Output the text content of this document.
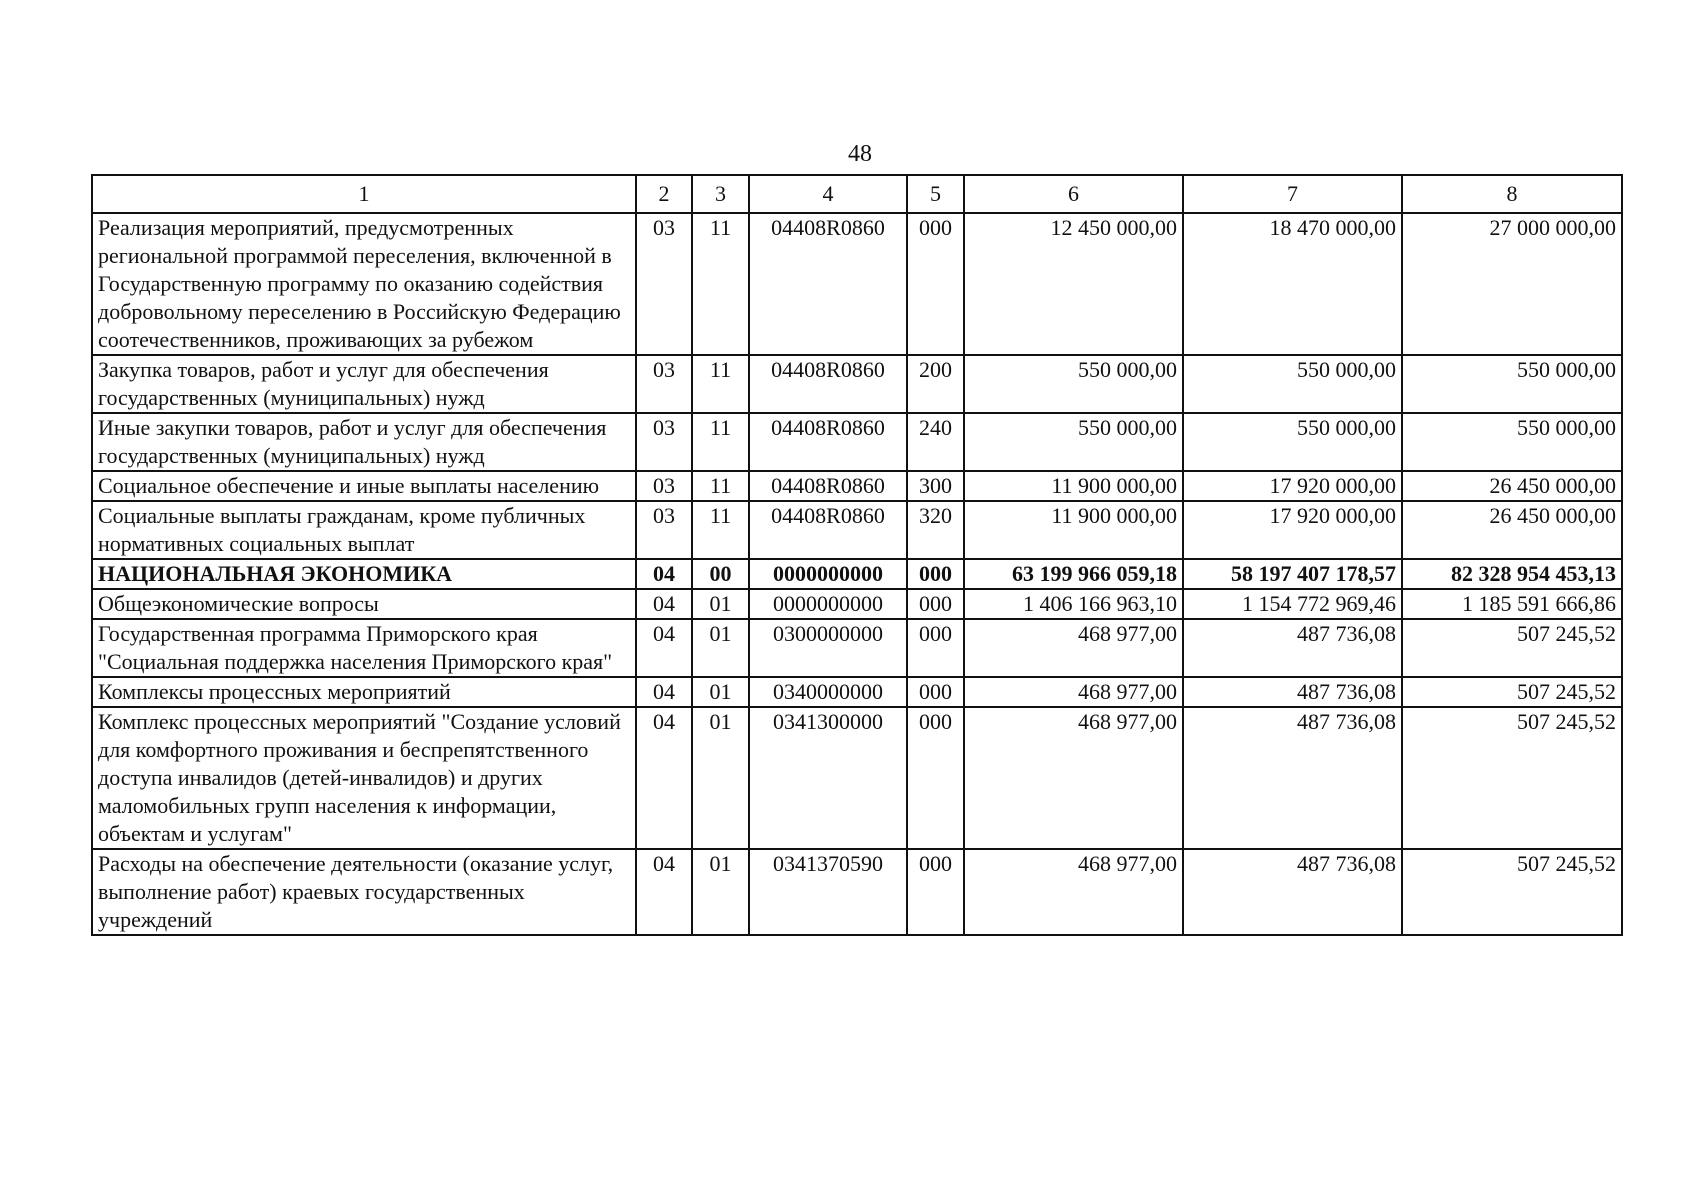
48
1	2	3	4	5	6	7	8
Реализация мероприятий, предусмотренных региональной программой переселения, включенной в Государственную программу по оказанию содействия добровольному переселению в Российскую Федерацию соотечественников, проживающих за рубежом	03	11	04408R0860	000	12 450 000,00	18 470 000,00	27 000 000,00
Закупка товаров, работ и услуг для обеспечения государственных (муниципальных) нужд	03	11	04408R0860	200	550 000,00	550 000,00	550 000,00
Иные закупки товаров, работ и услуг для обеспечения государственных (муниципальных) нужд	03	11	04408R0860	240	550 000,00	550 000,00	550 000,00
Социальное обеспечение и иные выплаты населению	03	11	04408R0860	300	11 900 000,00	17 920 000,00	26 450 000,00
Социальные выплаты гражданам, кроме публичных нормативных социальных выплат	03	11	04408R0860	320	11 900 000,00	17 920 000,00	26 450 000,00
НАЦИОНАЛЬНАЯ ЭКОНОМИКА	04	00	0000000000	000	63 199 966 059,18	58 197 407 178,57	82 328 954 453,13
Общеэкономические вопросы	04	01	0000000000	000	1 406 166 963,10	1 154 772 969,46	1 185 591 666,86
Государственная программа Приморского края "Социальная поддержка населения Приморского края"	04	01	0300000000	000	468 977,00	487 736,08	507 245,52
Комплексы процессных мероприятий	04	01	0340000000	000	468 977,00	487 736,08	507 245,52
Комплекс процессных мероприятий "Создание условий для комфортного проживания и беспрепятственного доступа инвалидов (детей-инвалидов) и других маломобильных групп населения к информации, объектам и услугам"	04	01	0341300000	000	468 977,00	487 736,08	507 245,52
Расходы на обеспечение деятельности (оказание услуг, выполнение работ) краевых государственных учреждений	04	01	0341370590	000	468 977,00	487 736,08	507 245,52
